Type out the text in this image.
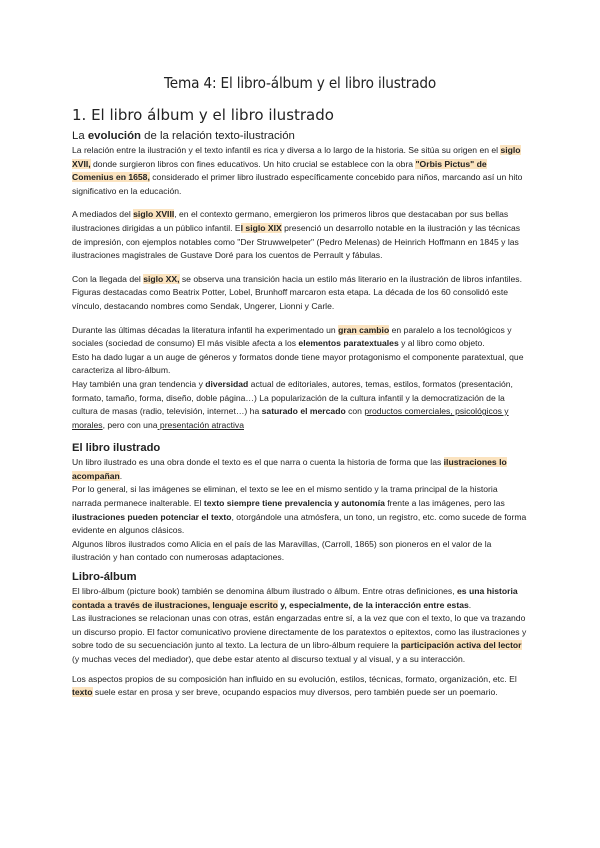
Tema 4: El libro-álbum y el libro ilustrado
1. El libro álbum y el libro ilustrado
La evolución de la relación texto-ilustración

La relación entre la ilustración y el texto infantil es rica y diversa a lo largo de la historia. Se sitúa su origen en el siglo XVII, donde surgieron libros con fines educativos. Un hito crucial se establece con la obra "Orbis Pictus" de Comenius en 1658, considerado el primer libro ilustrado específicamente concebido para niños, marcando así un hito significativo en la educación.

A mediados del siglo XVIII, en el contexto germano, emergieron los primeros libros que destacaban por sus bellas ilustraciones dirigidas a un público infantil. El siglo XIX presenció un desarrollo notable en la ilustración y las técnicas de impresión, con ejemplos notables como "Der Struwwelpeter" (Pedro Melenas) de Heinrich Hoffmann en 1845 y las ilustraciones magistrales de Gustave Doré para los cuentos de Perrault y fábulas.

Con la llegada del siglo XX, se observa una transición hacia un estilo más literario en la ilustración de libros infantiles. Figuras destacadas como Beatrix Potter, Lobel, Brunhoff marcaron esta etapa. La década de los 60 consolidó este vínculo, destacando nombres como Sendak, Ungerer, Lionni y Carle.

Durante las últimas décadas la literatura infantil ha experimentado un gran cambio en paralelo a los tecnológicos y sociales (sociedad de consumo) El más visible afecta a los elementos paratextuales y al libro como objeto.

Esto ha dado lugar a un auge de géneros y formatos donde tiene mayor protagonismo el componente paratextual, que caracteriza al libro-álbum.

Hay también una gran tendencia y diversidad actual de editoriales, autores, temas, estilos, formatos (presentación, formato, tamaño, forma, diseño, doble página…) La popularización de la cultura infantil y la democratización de la cultura de masas (radio, televisión, internet…) ha saturado el mercado con productos comerciales, psicológicos y morales, pero con una presentación atractiva

El libro ilustrado

Un libro ilustrado es una obra donde el texto es el que narra o cuenta la historia de forma que las ilustraciones lo acompañan.

Por lo general, si las imágenes se eliminan, el texto se lee en el mismo sentido y la trama principal de la historia narrada permanece inalterable. El texto siempre tiene prevalencia y autonomía frente a las imágenes, pero las ilustraciones pueden potenciar el texto, otorgándole una atmósfera, un tono, un registro, etc. como sucede de forma evidente en algunos clásicos.

Algunos libros ilustrados como Alicia en el país de las Maravillas, (Carroll, 1865) son pioneros en el valor de la ilustración y han contado con numerosas adaptaciones.

Libro-álbum

El libro-álbum (picture book) también se denomina álbum ilustrado o álbum. Entre otras definiciones, es una historia contada a través de ilustraciones, lenguaje escrito y, especialmente, de la interacción entre estas.

Las ilustraciones se relacionan unas con otras, están engarzadas entre sí, a la vez que con el texto, lo que va trazando un discurso propio. El factor comunicativo proviene directamente de los paratextos o epitextos, como las ilustraciones y sobre todo de su secuenciación junto al texto. La lectura de un libro-álbum requiere la participación activa del lector (y muchas veces del mediador), que debe estar atento al discurso textual y al visual, y a su interacción.

Los aspectos propios de su composición han influido en su evolución, estilos, técnicas, formato, organización, etc. El texto suele estar en prosa y ser breve, ocupando espacios muy diversos, pero también puede ser un poemario.
